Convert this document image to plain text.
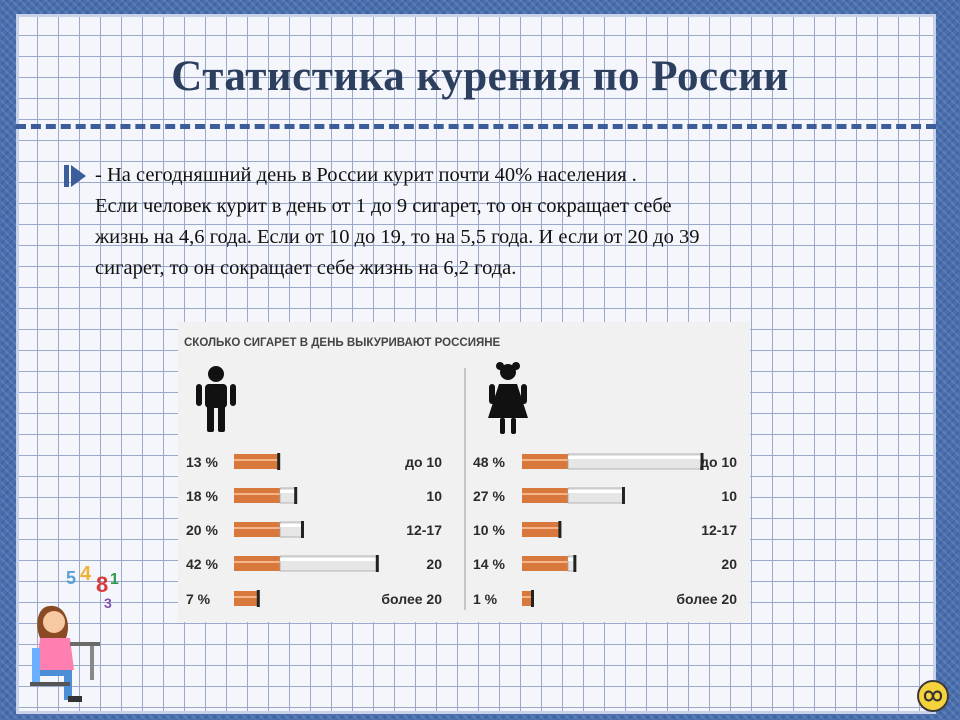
Статистика курения по России

- На сегодняшний день в России курит почти 40% населения .

Если человек курит в день от 1 до 9 сигарет, то он сокращает себе

жизнь на 4,6 года. Если от 10 до 19, то на 5,5 года. И если от 20 до 39

сигарет, то он сокращает себе жизнь на 6,2 года.

СКОЛЬКО СИГАРЕТ В ДЕНЬ ВЫКУРИВАЮТ РОССИЯНЕ
13 %	до 10
18 %	10
20 %	12-17
42 %	20
7 %	более 20
48 %	до 10
27 %	10
10 %	12-17
14 %	20
1 %	более 20
5 4 8 1
3
